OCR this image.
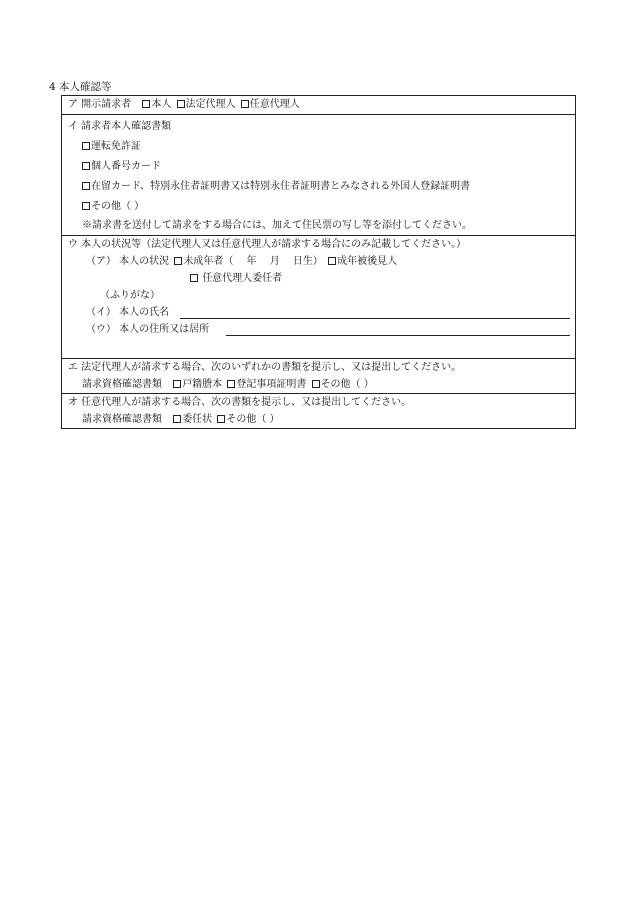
4 本人確認等
ア 開示請求者 本人 法定代理人 任意代理人
イ 請求者本人確認書類
運転免許証
個人番号カード
在留カード、特別永住者証明書又は特別永住者証明書とみなされる外国人登録証明書
その他（ ）
※請求書を送付して請求をする場合には、加えて住民票の写し等を添付してください。
ウ 本人の状況等（法定代理人又は任意代理人が請求する場合にのみ記載してください。）
（ア） 本人の状況 未成年者（　 年　 月　 日生） 成年被後見人
任意代理人委任者
（ふりがな）
（イ） 本人の氏名
（ウ） 本人の住所又は居所
エ 法定代理人が請求する場合、次のいずれかの書類を提示し、又は提出してください。
請求資格確認書類 戸籍謄本 登記事項証明書 その他（ ）
オ 任意代理人が請求する場合、次の書類を提示し、又は提出してください。
請求資格確認書類 委任状 その他（ ）
